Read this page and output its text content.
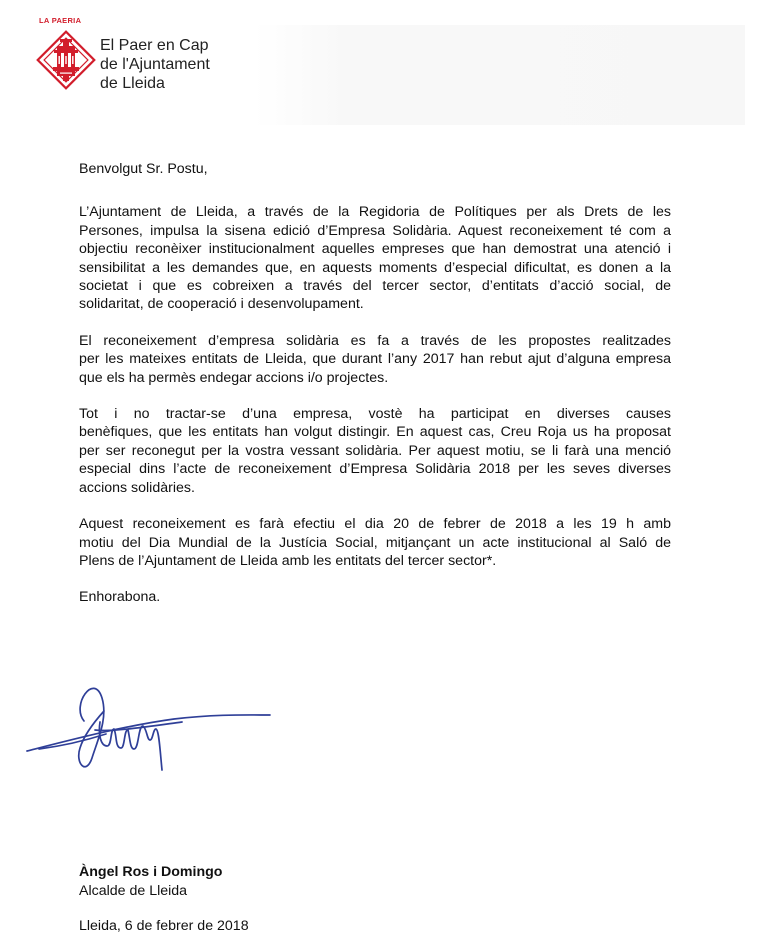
LA PAERIA
El Paer en Cap
de l'Ajuntament
de Lleida
Benvolgut Sr. Postu,
L’Ajuntament de Lleida, a través de la Regidoria de Polítiques per als Drets de les
Persones, impulsa la sisena edició d’Empresa Solidària. Aquest reconeixement té com a
objectiu reconèixer institucionalment aquelles empreses que han demostrat una atenció i
sensibilitat a les demandes que, en aquests moments d’especial dificultat, es donen a la
societat i que es cobreixen a través del tercer sector, d’entitats d’acció social, de
solidaritat, de cooperació i desenvolupament.
El reconeixement d’empresa solidària es fa a través de les propostes realitzades
per les mateixes entitats de Lleida, que durant l’any 2017 han rebut ajut d’alguna empresa
que els ha permès endegar accions i/o projectes.
Tot i no tractar-se d’una empresa, vostè ha participat en diverses causes
benèfiques, que les entitats han volgut distingir. En aquest cas, Creu Roja us ha proposat
per ser reconegut per la vostra vessant solidària. Per aquest motiu, se li farà una menció
especial dins l’acte de reconeixement d’Empresa Solidària 2018 per les seves diverses
accions solidàries.
Aquest reconeixement es farà efectiu el dia 20 de febrer de 2018 a les 19 h amb
motiu del Dia Mundial de la Justícia Social, mitjançant un acte institucional al Saló de
Plens de l’Ajuntament de Lleida amb les entitats del tercer sector*.
Enhorabona.
Àngel Ros i Domingo
Alcalde de Lleida
Lleida, 6 de febrer de 2018
